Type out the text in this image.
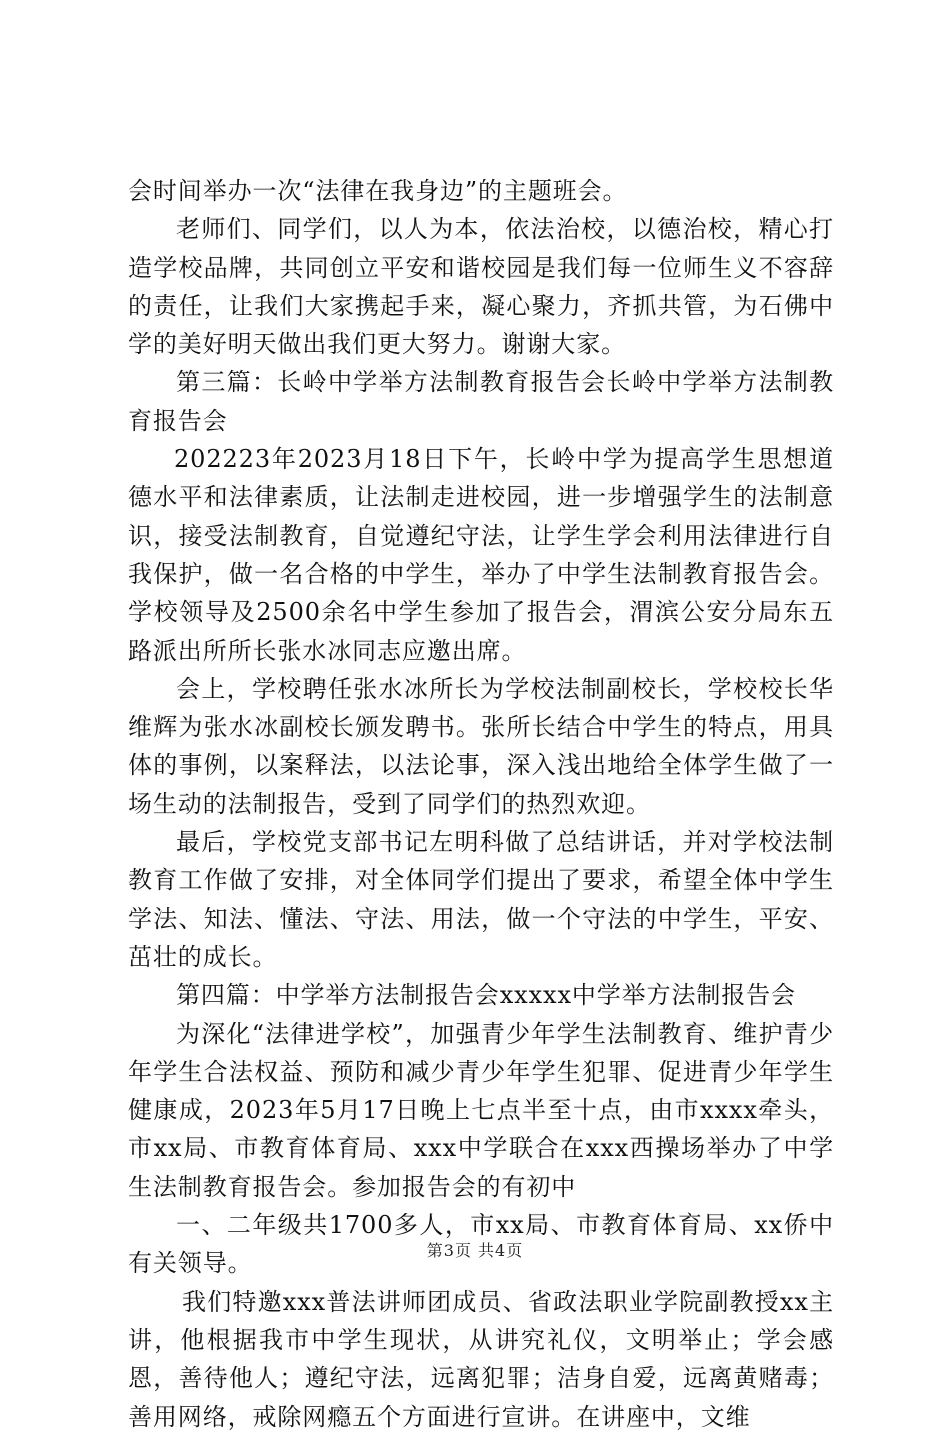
会时间举办一次“法律在我身边”的主题班会。

老师们、同学们，以人为本，依法治校，以德治校，精心打造学校品牌，共同创立平安和谐校园是我们每一位师生义不容辞的责任，让我们大家携起手来，凝心聚力，齐抓共管，为石佛中学的美好明天做出我们更大努力。谢谢大家。

第三篇：长岭中学举方法制教育报告会长岭中学举方法制教育报告会

202223年2023月18日下午，长岭中学为提高学生思想道德水平和法律素质，让法制走进校园，进一步增强学生的法制意识，接受法制教育，自觉遵纪守法，让学生学会利用法律进行自我保护，做一名合格的中学生，举办了中学生法制教育报告会。学校领导及2500余名中学生参加了报告会，渭滨公安分局东五路派出所所长张水冰同志应邀出席。

会上，学校聘任张水冰所长为学校法制副校长，学校校长华维辉为张水冰副校长颁发聘书。张所长结合中学生的特点，用具体的事例，以案释法，以法论事，深入浅出地给全体学生做了一场生动的法制报告，受到了同学们的热烈欢迎。

最后，学校党支部书记左明科做了总结讲话，并对学校法制教育工作做了安排，对全体同学们提出了要求，希望全体中学生学法、知法、懂法、守法、用法，做一个守法的中学生，平安、茁壮的成长。

第四篇：中学举方法制报告会xxxxx中学举方法制报告会

为深化“法律进学校”，加强青少年学生法制教育、维护青少年学生合法权益、预防和减少青少年学生犯罪、促进青少年学生健康成，2023年5月17日晚上七点半至十点，由市xxxx牵头，市xx局、市教育体育局、xxx中学联合在xxx西操场举办了中学生法制教育报告会。参加报告会的有初中

一、二年级共1700多人，市xx局、市教育体育局、xx侨中有关领导。

我们特邀xxx普法讲师团成员、省政法职业学院副教授xx主讲，他根据我市中学生现状，从讲究礼仪，文明举止；学会感恩，善待他人；遵纪守法，远离犯罪；洁身自爱，远离黄赌毒；善用网络，戒除网瘾五个方面进行宣讲。在讲座中，文维

第3页 共4页
